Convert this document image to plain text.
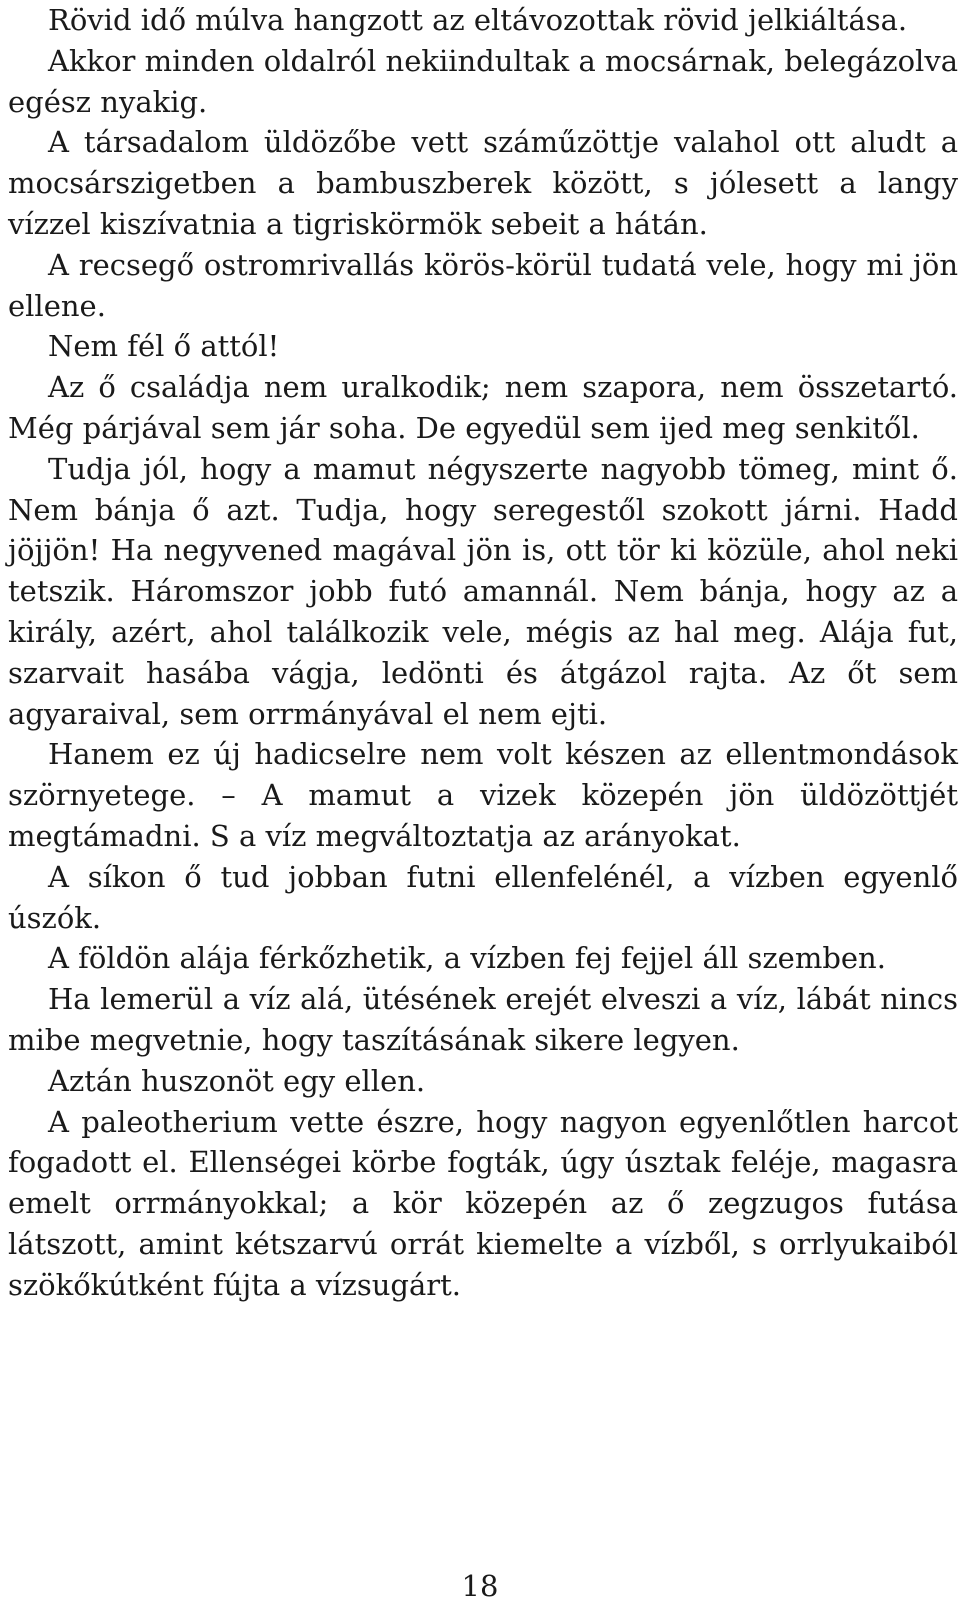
Rövid idő múlva hangzott az eltávozottak rövid jelkiáltása.

Akkor minden oldalról nekiindultak a mocsárnak, belegázolva egész nyakig.

A társadalom üldözőbe vett száműzöttje valahol ott aludt a mocsárszigetben a bambuszberek között, s jólesett a langy vízzel kiszívatnia a tigriskörmök sebeit a hátán.

A recsegő ostromrivallás körös-körül tudatá vele, hogy mi jön ellene.

Nem fél ő attól!

Az ő családja nem uralkodik; nem szapora, nem összetartó. Még párjával sem jár soha. De egyedül sem ijed meg senkitől.

Tudja jól, hogy a mamut négyszerte nagyobb tömeg, mint ő. Nem bánja ő azt. Tudja, hogy seregestől szokott járni. Hadd jöjjön! Ha negyvened magával jön is, ott tör ki közüle, ahol neki tetszik. Háromszor jobb futó amannál. Nem bánja, hogy az a király, azért, ahol találkozik vele, mégis az hal meg. Alája fut, szarvait hasába vágja, ledönti és átgázol rajta. Az őt sem agyaraival, sem orrmányával el nem ejti.

Hanem ez új hadicselre nem volt készen az ellentmondások szörnyetege. – A mamut a vizek közepén jön üldözöttjét megtámadni. S a víz megváltoztatja az arányokat.

A síkon ő tud jobban futni ellenfelénél, a vízben egyenlő úszók.

A földön alája férkőzhetik, a vízben fej fejjel áll szemben.

Ha lemerül a víz alá, ütésének erejét elveszi a víz, lábát nincs mibe megvetnie, hogy taszításának sikere legyen.

Aztán huszonöt egy ellen.

A paleotherium vette észre, hogy nagyon egyenlőtlen harcot fogadott el. Ellenségei körbe fogták, úgy úsztak feléje, magasra emelt orrmányokkal; a kör közepén az ő zegzugos futása látszott, amint kétszarvú orrát kiemelte a vízből, s orrlyukaiból szökőkútként fújta a vízsugárt.

18
